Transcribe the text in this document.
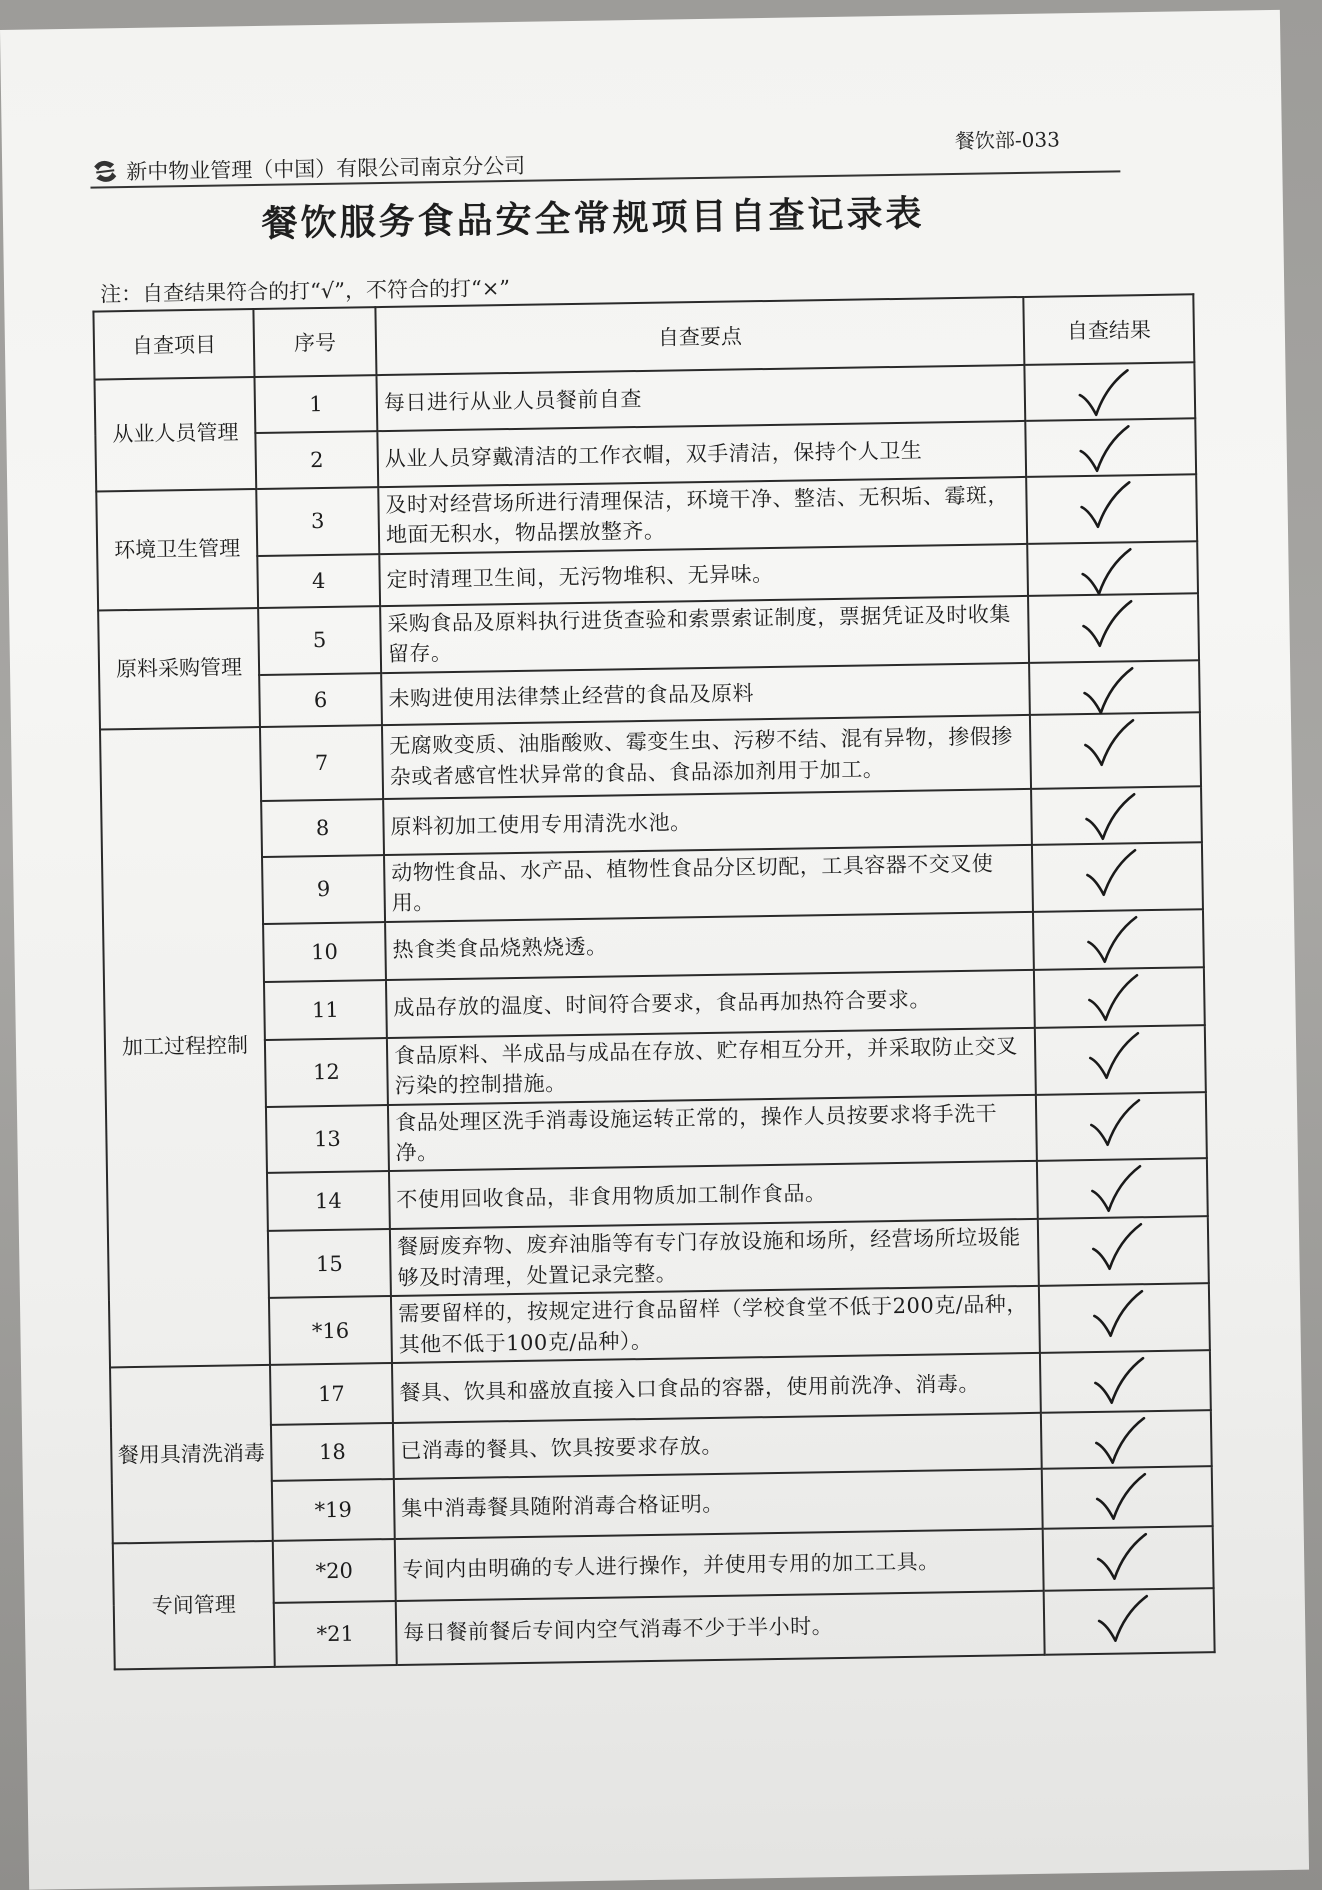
新中物业管理（中国）有限公司南京分公司
餐饮部-033
餐饮服务食品安全常规项目自查记录表
注：自查结果符合的打“√”，不符合的打“×”
自查项目	序号	自查要点	自查结果
从业人员管理	1	每日进行从业人员餐前自查	

	2	从业人员穿戴清洁的工作衣帽，双手清洁，保持个人卫生	

环境卫生管理	3	及时对经营场所进行清理保洁，环境干净、整洁、无积垢、霉斑，地面无积水，物品摆放整齐。	

	4	定时清理卫生间，无污物堆积、无异味。	

原料采购管理	5	采购食品及原料执行进货查验和索票索证制度，票据凭证及时收集留存。	

	6	未购进使用法律禁止经营的食品及原料	

加工过程控制	7	无腐败变质、油脂酸败、霉变生虫、污秽不结、混有异物，掺假掺杂或者感官性状异常的食品、食品添加剂用于加工。	

	8	原料初加工使用专用清洗水池。	

	9	动物性食品、水产品、植物性食品分区切配，工具容器不交叉使用。	

	10	热食类食品烧熟烧透。	

	11	成品存放的温度、时间符合要求，食品再加热符合要求。	

	12	食品原料、半成品与成品在存放、贮存相互分开，并采取防止交叉污染的控制措施。	

	13	食品处理区洗手消毒设施运转正常的，操作人员按要求将手洗干净。	

	14	不使用回收食品，非食用物质加工制作食品。	

	15	餐厨废弃物、废弃油脂等有专门存放设施和场所，经营场所垃圾能够及时清理，处置记录完整。	

	*16	需要留样的，按规定进行食品留样（学校食堂不低于200克/品种，其他不低于100克/品种）。	

餐用具清洗消毒	17	餐具、饮具和盛放直接入口食品的容器，使用前洗净、消毒。	

	18	已消毒的餐具、饮具按要求存放。	

	*19	集中消毒餐具随附消毒合格证明。	

专间管理	*20	专间内由明确的专人进行操作，并使用专用的加工工具。	

	*21	每日餐前餐后专间内空气消毒不少于半小时。	
